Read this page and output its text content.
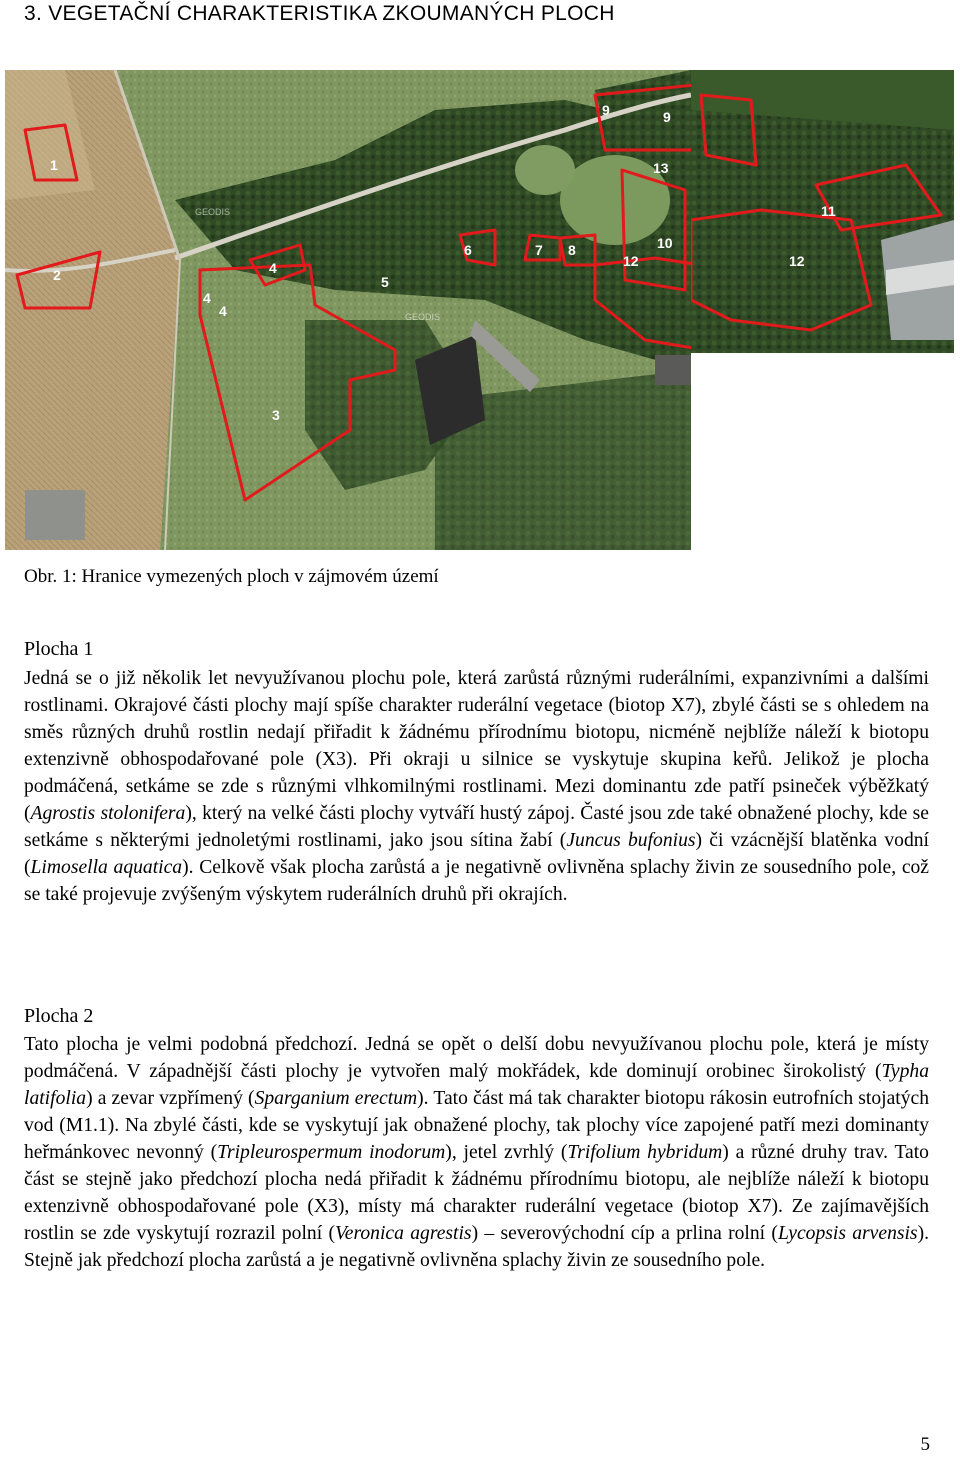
3. VEGETAČNÍ CHARAKTERISTIKA ZKOUMANÝCH PLOCH
1
2
3
4
4
4
5
6	7 8
9	9
10
12
13
GEODIS
GEODIS	11
12
Obr. 1: Hranice vymezených ploch v zájmovém území
Plocha 1
Jedná se o již několik let nevyužívanou plochu pole, která zarůstá různými ruderálními, expanzivními a dalšími rostlinami. Okrajové části plochy mají spíše charakter ruderální vegetace (biotop X7), zbylé části se s ohledem na směs různých druhů rostlin nedají přiřadit k žádnému přírodnímu biotopu, nicméně nejblíže náleží k biotopu extenzivně obhospodařované pole (X3). Při okraji u silnice se vyskytuje skupina keřů. Jelikož je plocha podmáčená, setkáme se zde s různými vlhkomilnými rostlinami. Mezi dominantu zde patří psineček výběžkatý (Agrostis stolonifera), který na velké části plochy vytváří hustý zápoj. Časté jsou zde také obnažené plochy, kde se setkáme s některými jednoletými rostlinami, jako jsou sítina žabí (Juncus bufonius) či vzácnější blatěnka vodní (Limosella aquatica). Celkově však plocha zarůstá a je negativně ovlivněna splachy živin ze sousedního pole, což se také projevuje zvýšeným výskytem ruderálních druhů při okrajích.
Plocha 2
Tato plocha je velmi podobná předchozí. Jedná se opět o delší dobu nevyužívanou plochu pole, která je místy podmáčená. V západnější části plochy je vytvořen malý mokřádek, kde dominují orobinec širokolistý (Typha latifolia) a zevar vzpřímený (Sparganium erectum). Tato část má tak charakter biotopu rákosin eutrofních stojatých vod (M1.1). Na zbylé části, kde se vyskytují jak obnažené plochy, tak plochy více zapojené patří mezi dominanty heřmánkovec nevonný (Tripleurospermum inodorum), jetel zvrhlý (Trifolium hybridum) a různé druhy trav. Tato část se stejně jako předchozí plocha nedá přiřadit k žádnému přírodnímu biotopu, ale nejblíže náleží k biotopu extenzivně obhospodařované pole (X3), místy má charakter ruderální vegetace (biotop X7). Ze zajímavějších rostlin se zde vyskytují rozrazil polní (Veronica agrestis) – severovýchodní cíp a prlina rolní (Lycopsis arvensis). Stejně jak předchozí plocha zarůstá a je negativně ovlivněna splachy živin ze sousedního pole.
5
